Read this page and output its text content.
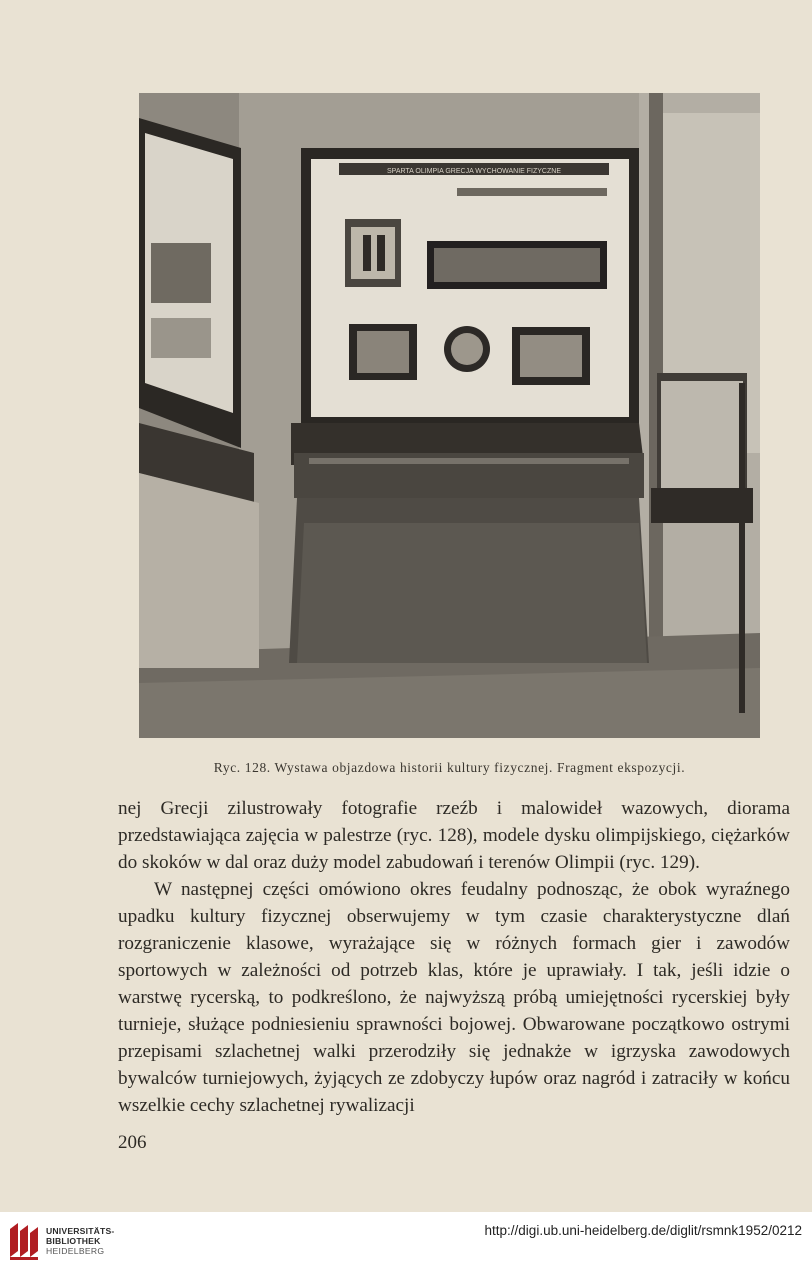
SPARTA OLIMPIA GRECJA WYCHOWANIE FIZYCZNE
Ryc. 128. Wystawa objazdowa historii kultury fizycznej. Fragment ekspozycji.

nej Grecji zilustrowały fotografie rzeźb i malowideł wazowych, diorama przedstawiająca zajęcia w palestrze (ryc. 128), modele dysku olimpijskiego, ciężarków do skoków w dal oraz duży model zabudowań i terenów Olimpii (ryc. 129).

W następnej części omówiono okres feudalny podnosząc, że obok wyraźnego upadku kultury fizycznej obserwujemy w tym czasie charakterystyczne dlań rozgraniczenie klasowe, wyrażające się w różnych formach gier i zawodów sportowych w zależności od potrzeb klas, które je uprawiały. I tak, jeśli idzie o warstwę rycerską, to podkreślono, że najwyższą próbą umiejętności rycerskiej były turnieje, służące podniesieniu sprawności bojowej. Obwarowane początkowo ostrymi przepisami szlachetnej walki przerodziły się jednakże w igrzyska zawodowych bywalców turniejowych, żyjących ze zdobyczy łupów oraz nagród i zatraciły w końcu wszelkie cechy szlachetnej rywalizacji

206
UNIVERSITÄTS-
BIBLIOTHEK
HEIDELBERG
http://digi.ub.uni-heidelberg.de/diglit/rsmnk1952/0212
